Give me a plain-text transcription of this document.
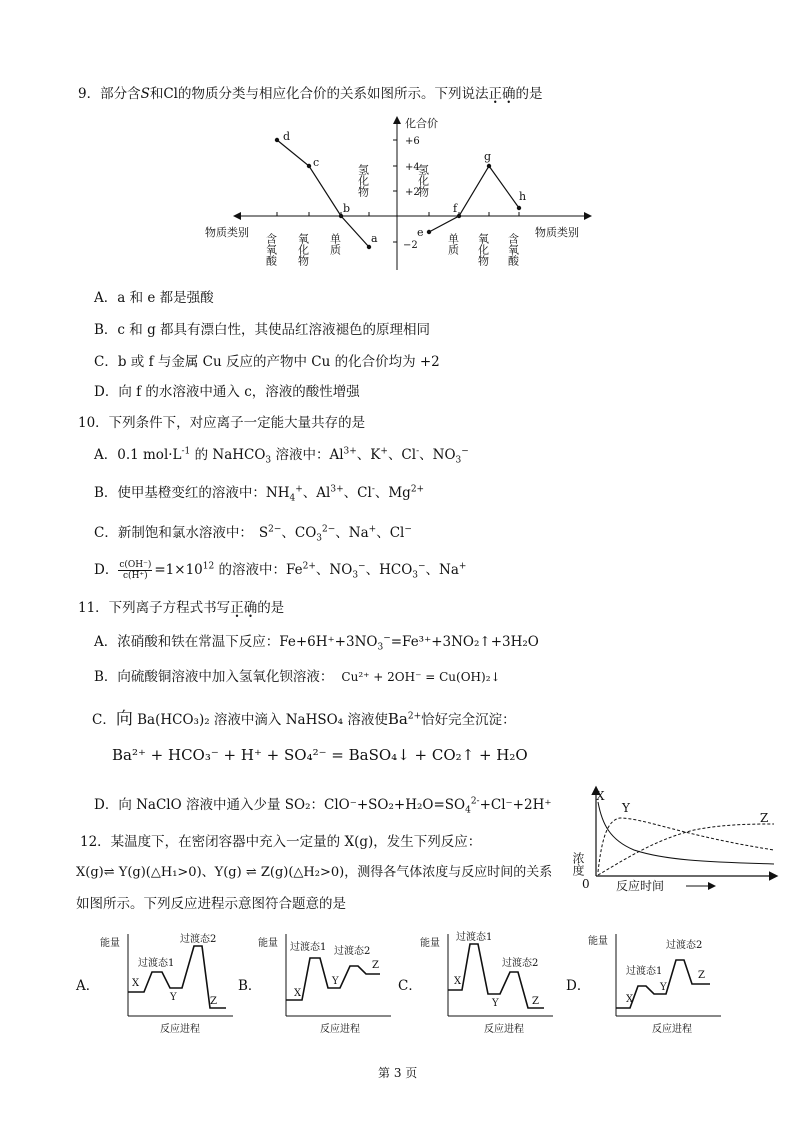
9．部分含S和Cl的物质分类与相应化合价的关系如图所示。下列说法正确的是
化合价
+6
+4
+2
−2
物质类别	物质类别
含氧酸 氧化物 单质	单质 氧化物 含氧酸
氢化物	氢化物
a
b
c
d
e
f
g
h
A．a 和 e 都是强酸
B．c 和 g 都具有漂白性，其使品红溶液褪色的原理相同
C．b 或 f 与金属 Cu 反应的产物中 Cu 的化合价均为 +2
D．向 f 的水溶液中通入 c，溶液的酸性增强
10．下列条件下，对应离子一定能大量共存的是
A．0.1 $mol\cdot L^{-1}$ 的 NaHCO$_3$ 溶液中：$Al^{3+}$、K+、Cl-、$NO_3^-$
B．使甲基橙变红的溶液中：$NH_4^+$、$Al^{3+}$、Cl-、$Mg^{2+}$
C．新制饱和氯水溶液中： $S^{2-}$、$CO_3^{2-}$、Na+、Cl−
D． $\frac{c(OH^-)}{c(H^+)} =1\times 10^{12}$ 的溶液中：$Fe^{2+}$、$NO_3^-$、$HCO_3^-$、Na+
11．下列离子方程式书写正确的是
A．浓硝酸和铁在常温下反应：$Fe+6H^++3NO_3^-=Fe^{3+}+3NO_2↑+3H_2O$
B．向硫酸铜溶液中加入氢氧化钡溶液： Cu²⁺ + 2OH⁻ = Cu(OH)₂↓
C．向 Ba(HCO₃)₂ 溶液中滴入 NaHSO₄ 溶液使$Ba^{2+}$恰好完全沉淀：
Ba²⁺ + HCO₃⁻ + H⁺ + SO₄²⁻ = BaSO₄↓ + CO₂↑ + H₂O
D．向 NaClO 溶液中通入少量 SO₂：$ClO^-+SO_2+H_2O=SO_4^{2-}+Cl^-+2H^+$
浓度
0 反应时间
X
Y
Z
12．某温度下，在密闭容器中充入一定量的 X(g)，发生下列反应：
X(g)⇌ Y(g)(△H₁>0)、Y(g) ⇌ Z(g)(△H₂>0)，测得各气体浓度与反应时间的关系
如图所示。下列反应进程示意图符合题意的是
A．
能量
反应进程
X
Y	Z
过渡态1
过渡态2
B．
能量
反应进程
X
Y
Z
过渡态1 过渡态2
C．
能量
反应进程
X
Y	Z
过渡态1
过渡态2
D．
能量
反应进程
X
Y
Z
过渡态1
过渡态2
第 3 页
